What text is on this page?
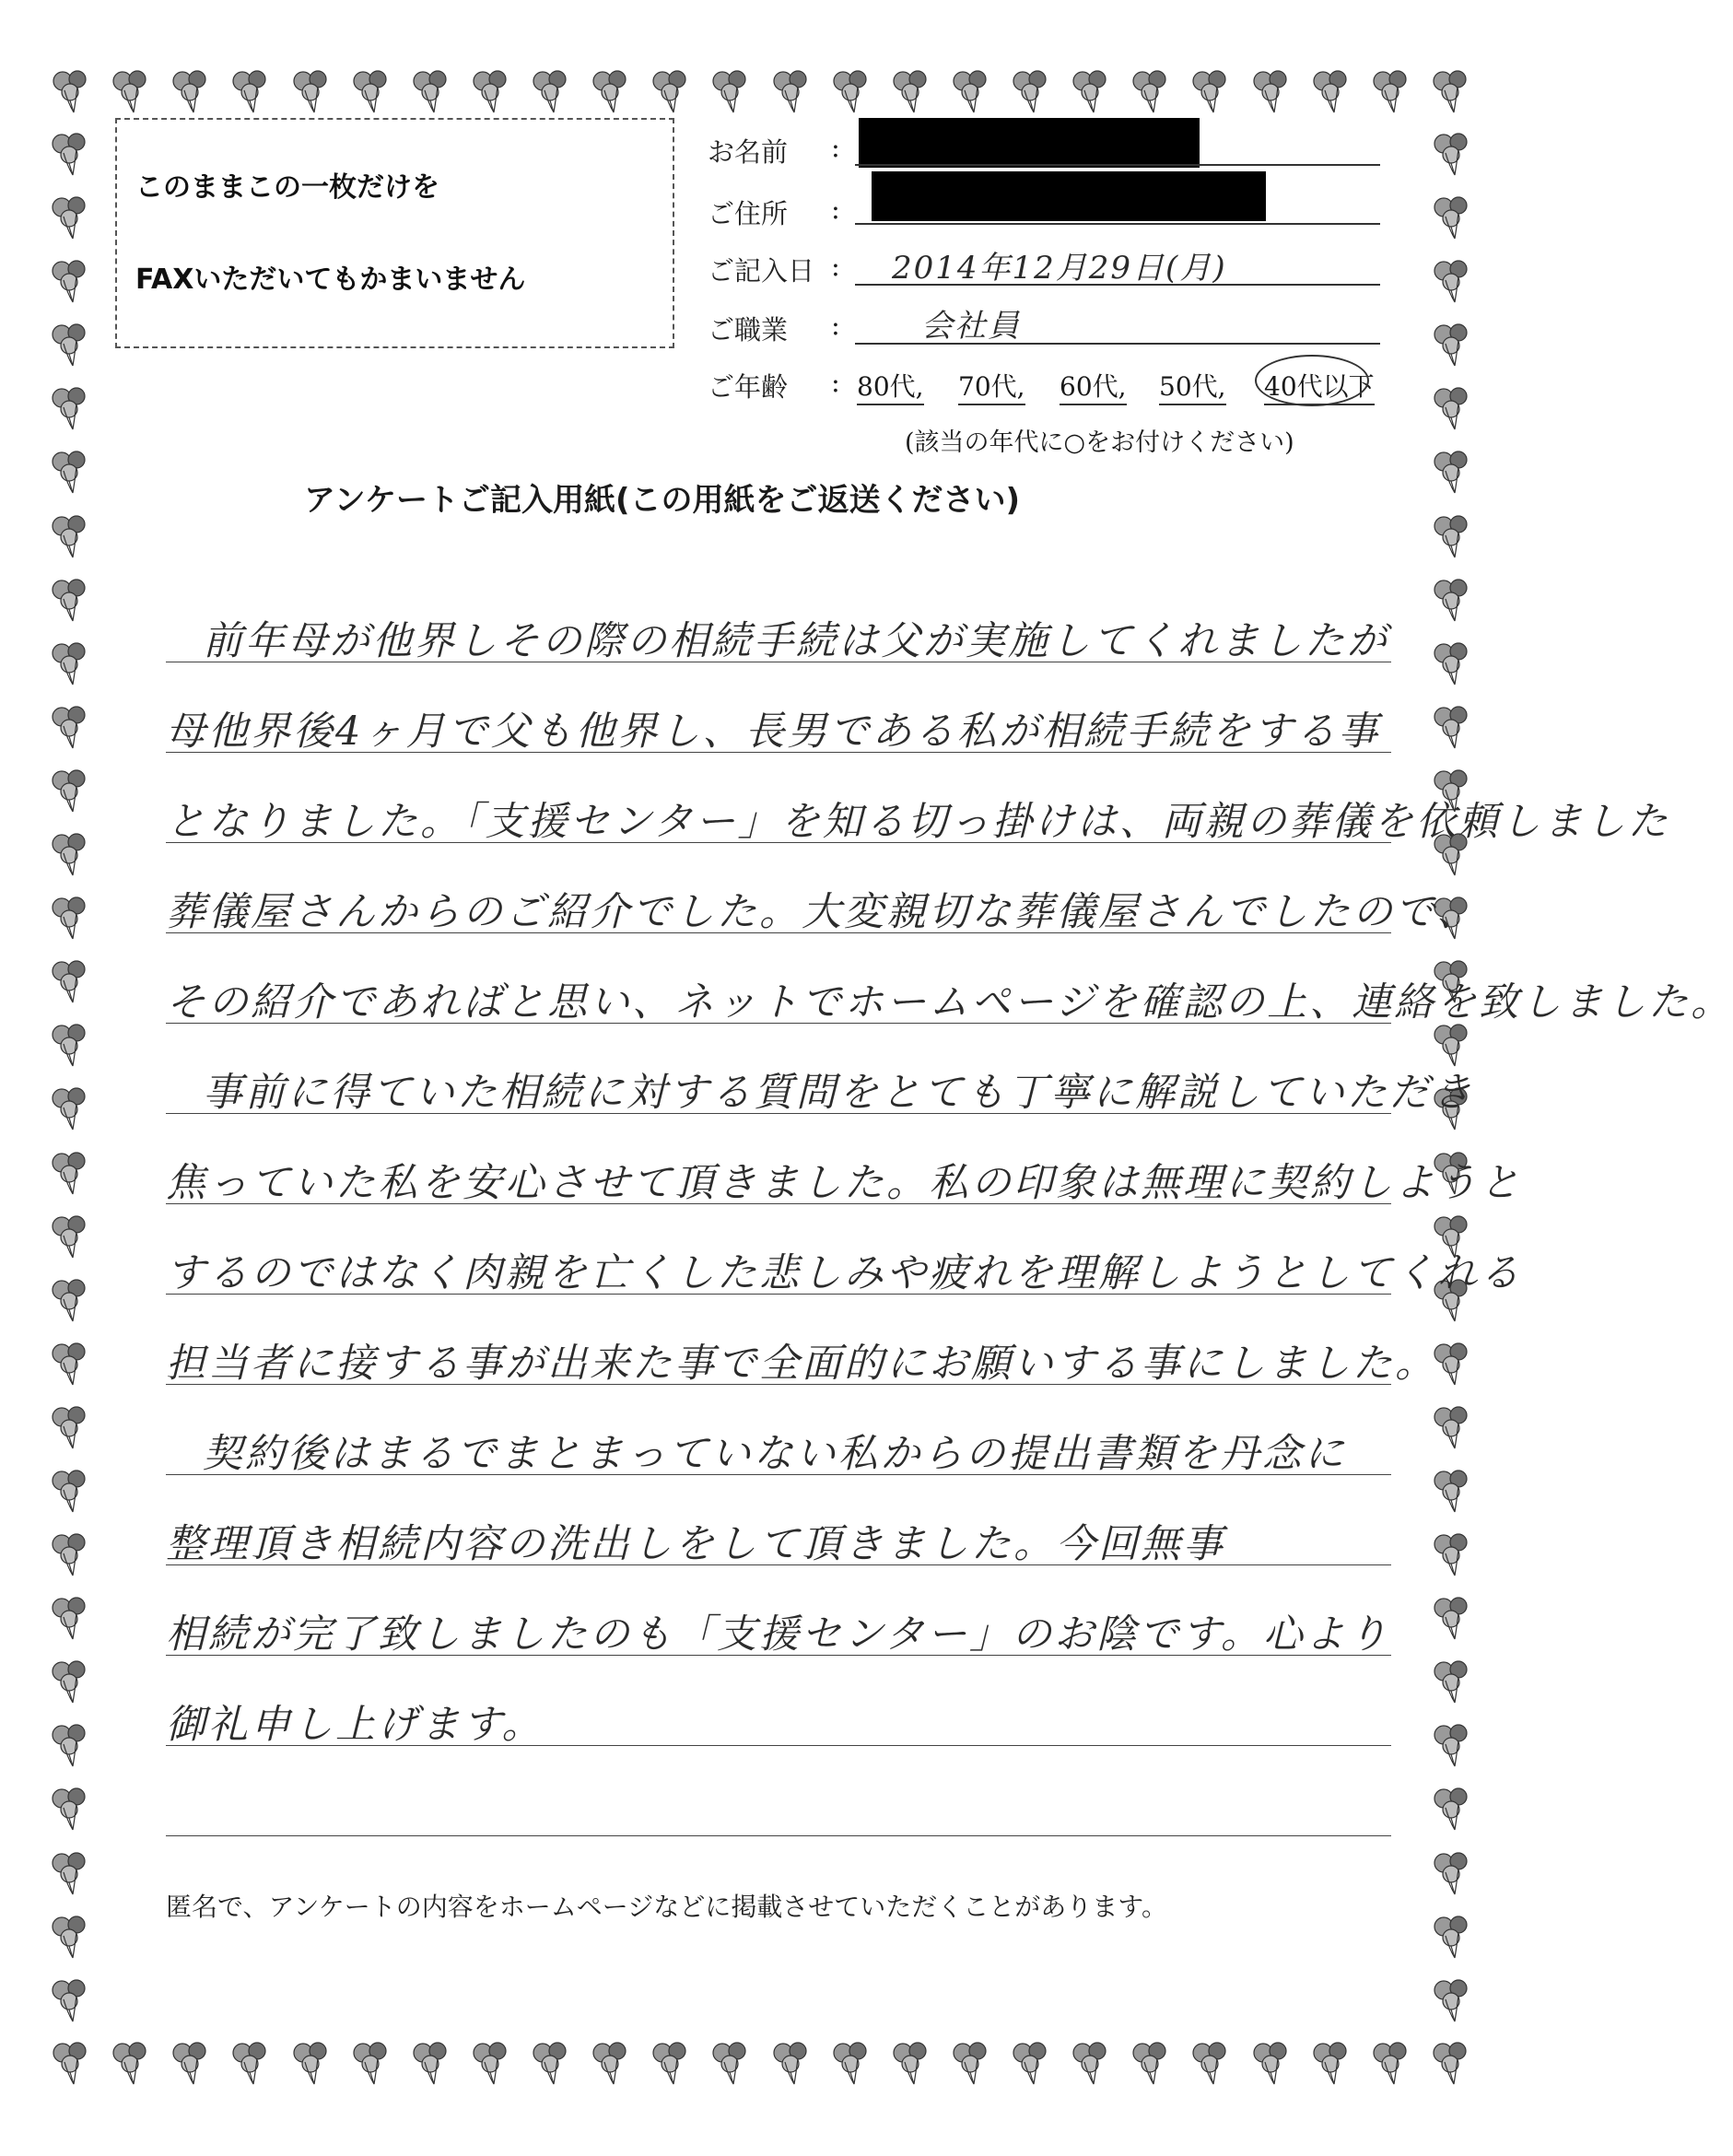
このままこの一枚だけを
FAXいただいてもかまいません
お名前 :
ご住所 :
ご記入日 : 2014年12月29日(月)
ご職業 :	会社員
ご年齢 : 80代, 70代, 60代, 50代, 40代以下
(該当の年代に○をお付けください)
アンケートご記入用紙(この用紙をご返送ください)
前年母が他界しその際の相続手続は父が実施してくれましたが
母他界後4ヶ月で父も他界し、長男である私が相続手続をする事
となりました。「支援センター」を知る切っ掛けは、両親の葬儀を依頼しました
葬儀屋さんからのご紹介でした。大変親切な葬儀屋さんでしたので、
その紹介であればと思い、ネットでホームページを確認の上、連絡を致しました。
事前に得ていた相続に対する質問をとても丁寧に解説していただき
焦っていた私を安心させて頂きました。私の印象は無理に契約しようと
するのではなく肉親を亡くした悲しみや疲れを理解しようとしてくれる
担当者に接する事が出来た事で全面的にお願いする事にしました。
契約後はまるでまとまっていない私からの提出書類を丹念に
整理頂き相続内容の洗出しをして頂きました。今回無事
相続が完了致しましたのも「支援センター」のお陰です。心より
御礼申し上げます。
匿名で、アンケートの内容をホームページなどに掲載させていただくことがあります。
